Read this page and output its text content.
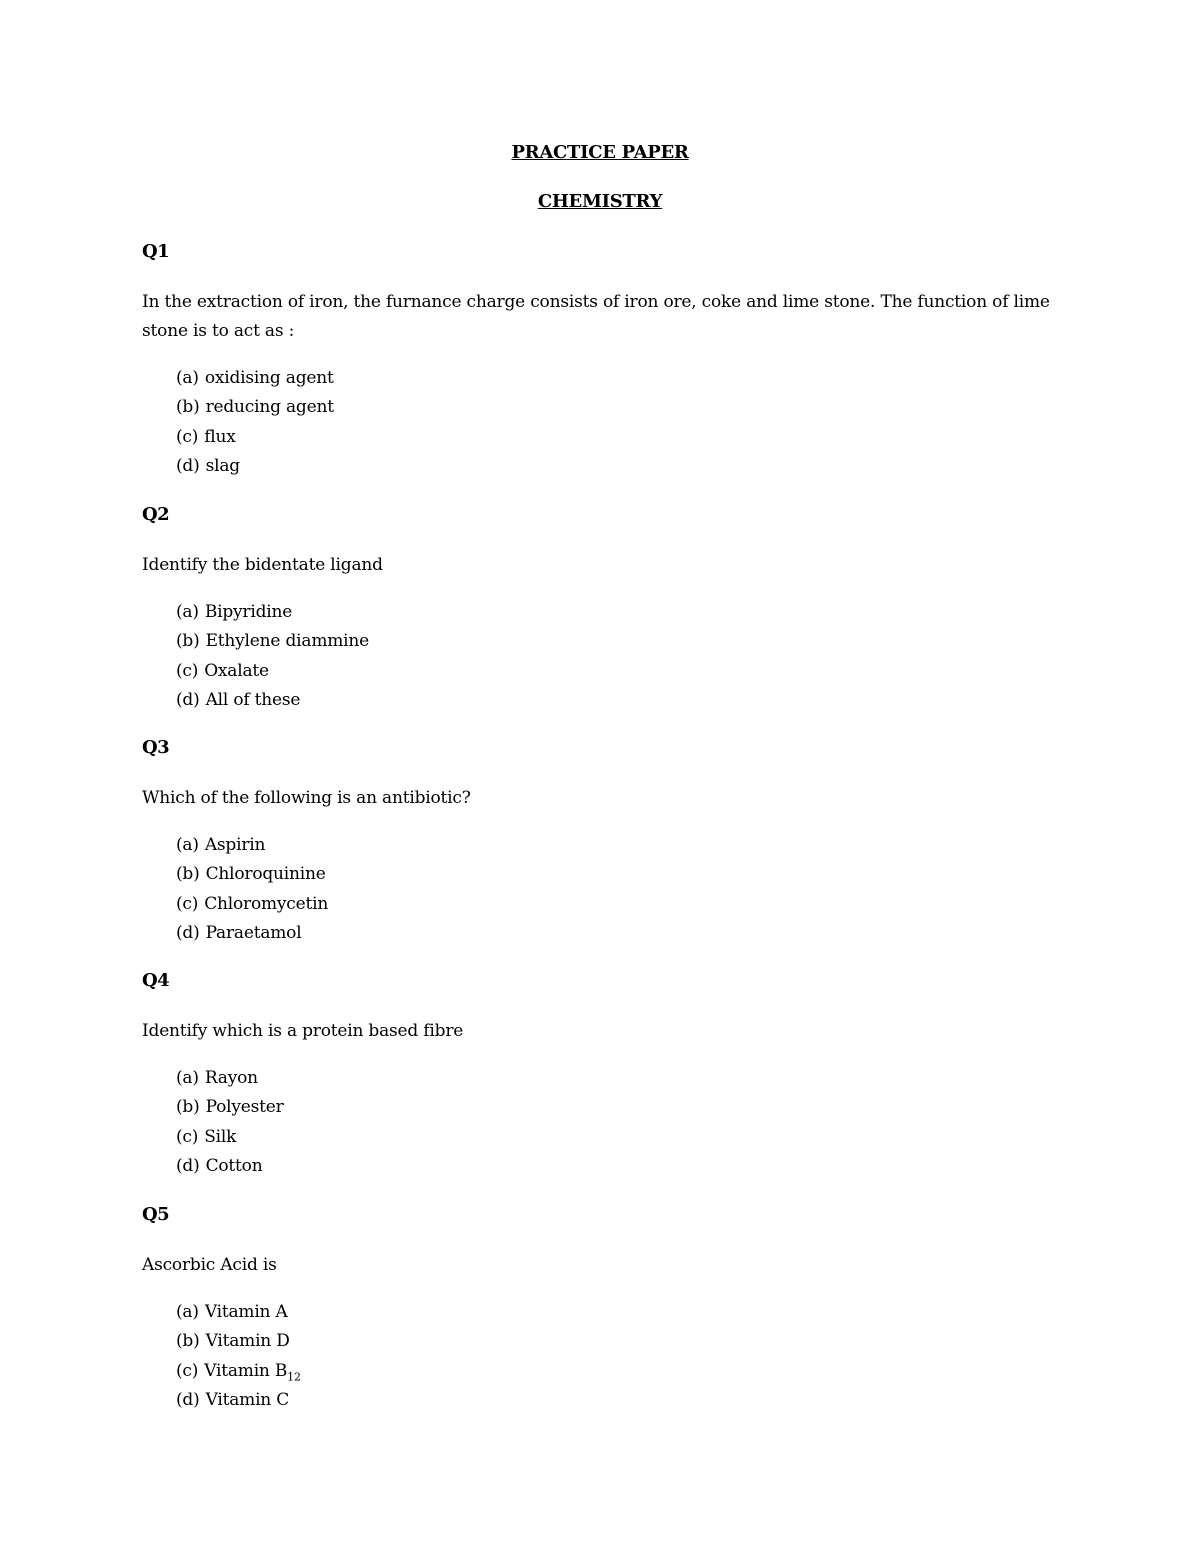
PRACTICE PAPER
CHEMISTRY
Q1
In the extraction of iron, the furnance charge consists of iron ore, coke and lime stone. The function of lime stone is to act as :
(a) oxidising agent
(b) reducing agent
(c) flux
(d) slag
Q2
Identify the bidentate ligand
(a) Bipyridine
(b) Ethylene diammine
(c) Oxalate
(d) All of these
Q3
Which of the following is an antibiotic?
(a) Aspirin
(b) Chloroquinine
(c) Chloromycetin
(d) Paraetamol
Q4
Identify which is a protein based fibre
(a) Rayon
(b) Polyester
(c) Silk
(d) Cotton
Q5
Ascorbic Acid is
(a) Vitamin A
(b) Vitamin D
(c) Vitamin $B_{12}$
(d) Vitamin C
